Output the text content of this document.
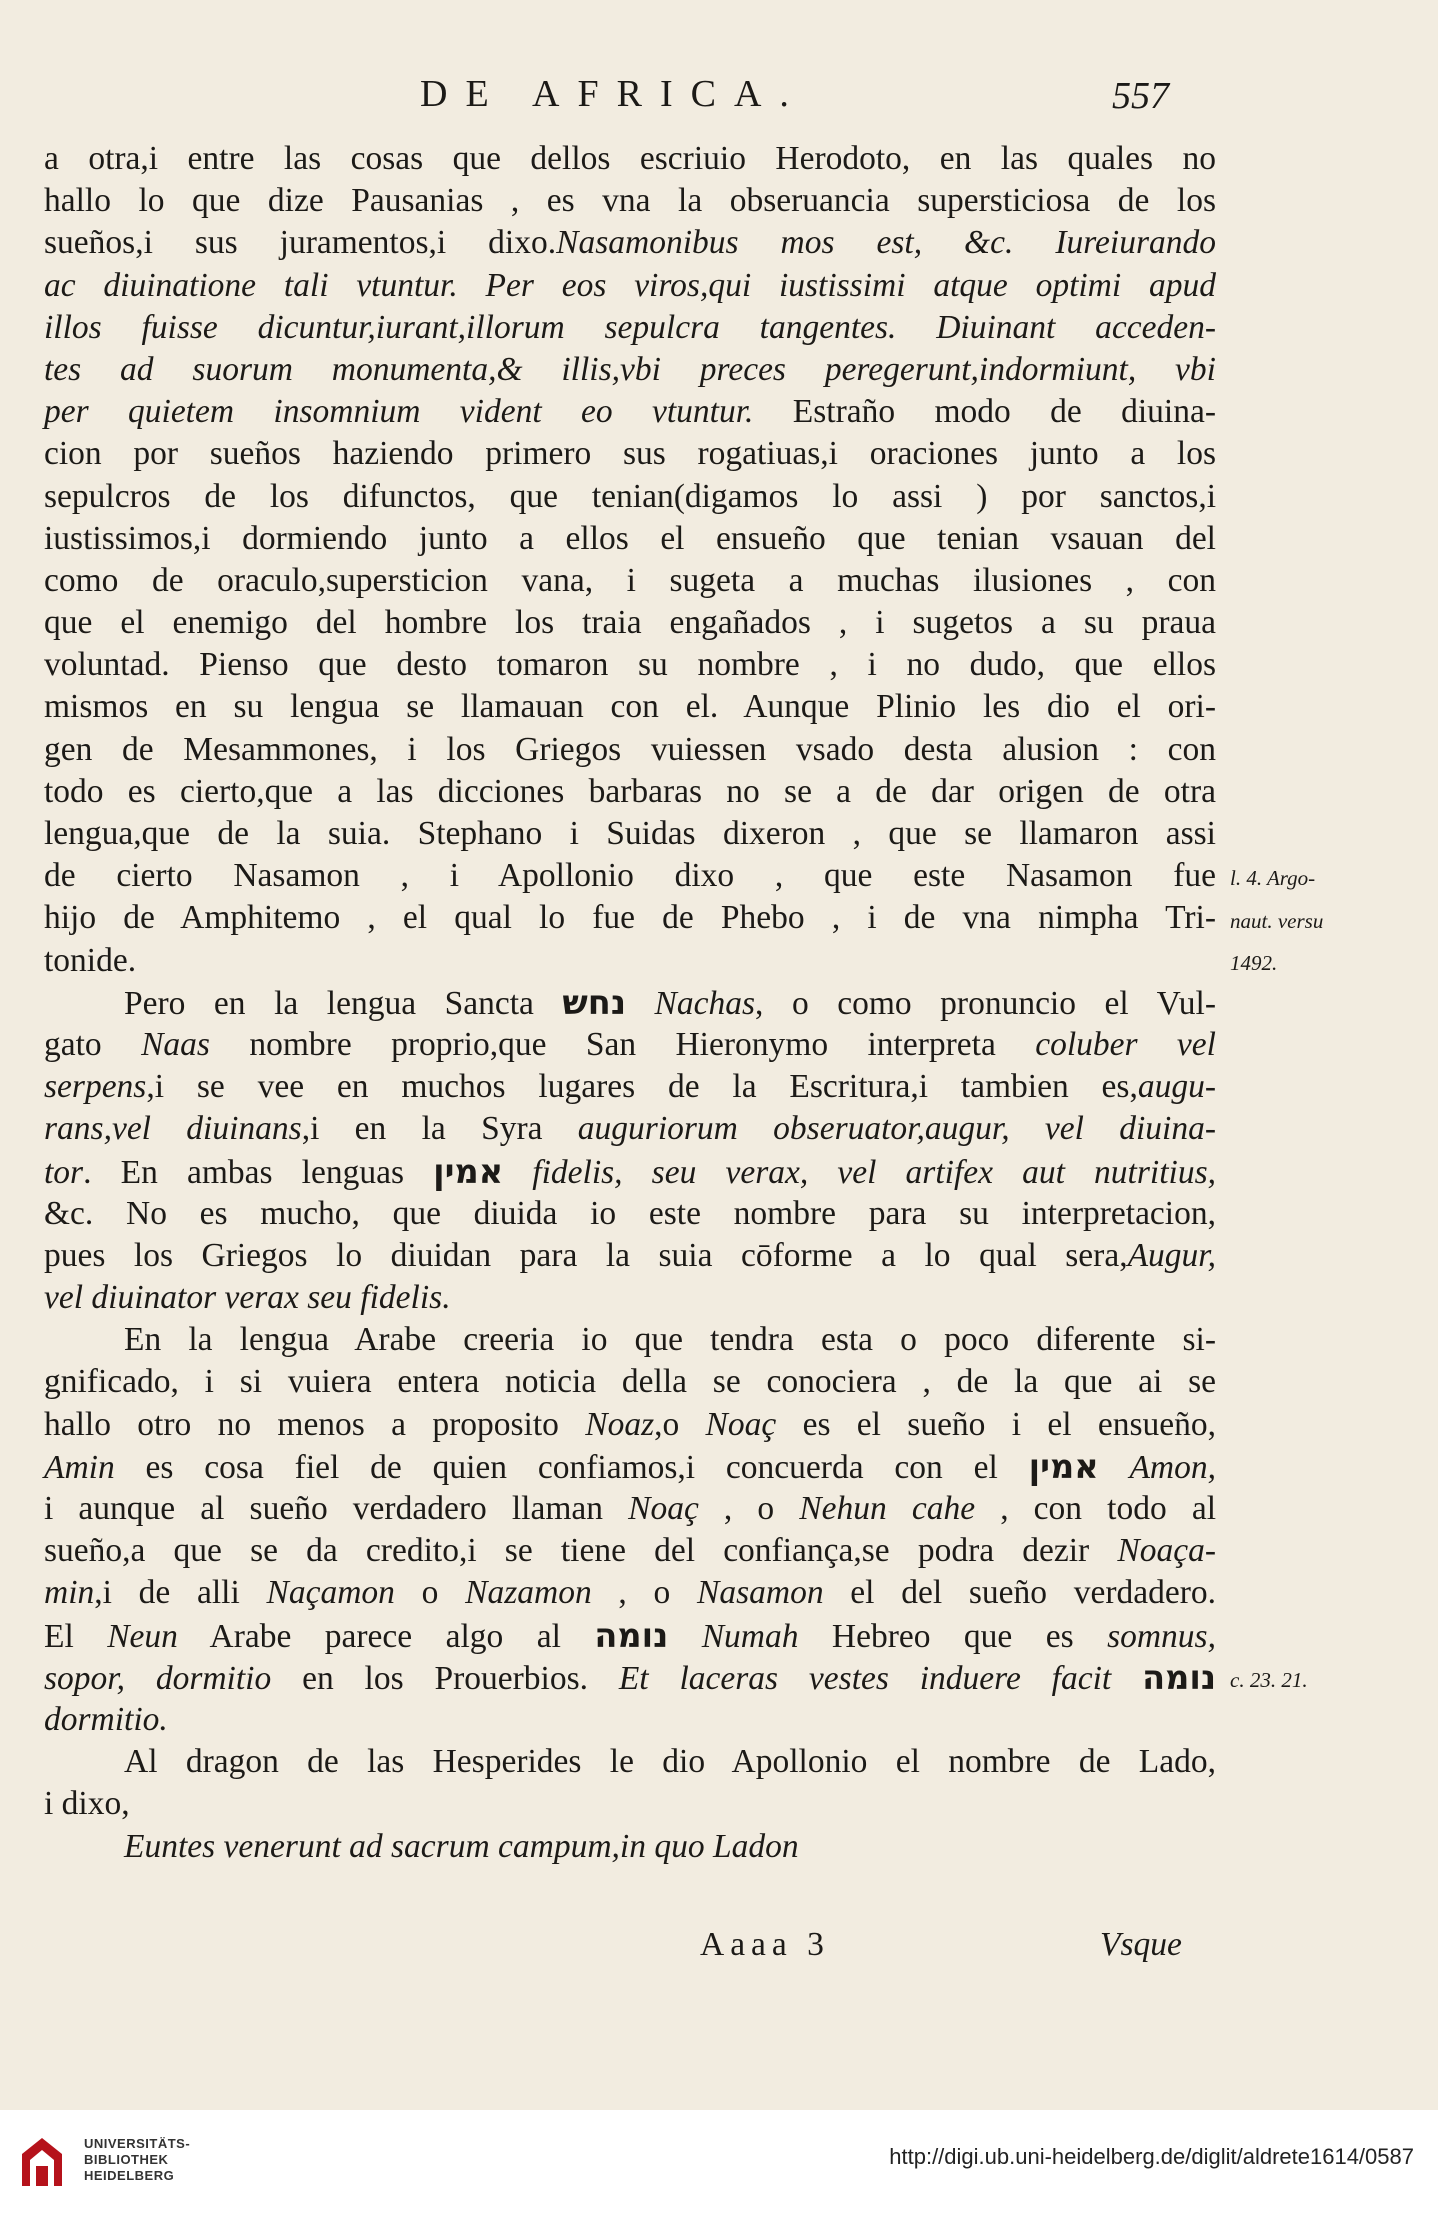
DE AFRICA.	557
a otra,i entre las cosas que dellos escriuio Herodoto, en las quales no
hallo lo que dize Pausanias , es vna la obseruancia supersticiosa de los
sueños,i sus juramentos,i dixo.Nasamonibus mos est, &c. Iureiurando
ac diuinatione tali vtuntur. Per eos viros,qui iustissimi atque optimi apud
illos fuisse dicuntur,iurant,illorum sepulcra tangentes. Diuinant acceden-
tes ad suorum monumenta,& illis,vbi preces peregerunt,indormiunt, vbi
per quietem insomnium vident eo vtuntur. Estraño modo de diuina-
cion por sueños haziendo primero sus rogatiuas,i oraciones junto a los
sepulcros de los difunctos, que tenian(digamos lo assi ) por sanctos,i
iustissimos,i dormiendo junto a ellos el ensueño que tenian vsauan del
como de oraculo,supersticion vana, i sugeta a muchas ilusiones , con
que el enemigo del hombre los traia engañados , i sugetos a su praua
voluntad. Pienso que desto tomaron su nombre , i no dudo, que ellos
mismos en su lengua se llamauan con el. Aunque Plinio les dio el ori-
gen de Mesammones, i los Griegos vuiessen vsado desta alusion : con
todo es cierto,que a las dicciones barbaras no se a de dar origen de otra
lengua,que de la suia. Stephano i Suidas dixeron , que se llamaron assi
de cierto Nasamon , i Apollonio dixo , que este Nasamon fue
hijo de Amphitemo , el qual lo fue de Phebo , i de vna nimpha Tri-
tonide.
Pero en la lengua Sancta נחש Nachas, o como pronuncio el Vul-
gato Naas nombre proprio,que San Hieronymo interpreta coluber vel
serpens,i se vee en muchos lugares de la Escritura,i tambien es,augu-
rans,vel diuinans,i en la Syra auguriorum obseruator,augur, vel diuina-
tor. En ambas lenguas אמין fidelis, seu verax, vel artifex aut nutritius,
&c. No es mucho, que diuida io este nombre para su interpretacion,
pues los Griegos lo diuidan para la suia cōforme a lo qual sera,Augur,
vel diuinator verax seu fidelis.
En la lengua Arabe creeria io que tendra esta o poco diferente si-
gnificado, i si vuiera entera noticia della se conociera , de la que ai se
hallo otro no menos a proposito Noaz,o Noaç es el sueño i el ensueño,
Amin es cosa fiel de quien confiamos,i concuerda con el אמין Amon,
i aunque al sueño verdadero llaman Noaç , o Nehun cahe , con todo al
sueño,a que se da credito,i se tiene del confiança,se podra dezir Noaça-
min,i de alli Naçamon o Nazamon , o Nasamon el del sueño verdadero.
El Neun Arabe parece algo al נומה Numah Hebreo que es somnus,
sopor, dormitio en los Prouerbios. Et laceras vestes induere facit נומה
dormitio.
Al dragon de las Hesperides le dio Apollonio el nombre de Lado,
i dixo,
Euntes venerunt ad sacrum campum,in quo Ladon
l. 4. Argo-
naut. versu
1492.
c. 23. 21.
Aaaa 3	Vsque
UNIVERSITÄTS-
BIBLIOTHEK
HEIDELBERG
http://digi.ub.uni-heidelberg.de/diglit/aldrete1614/0587
